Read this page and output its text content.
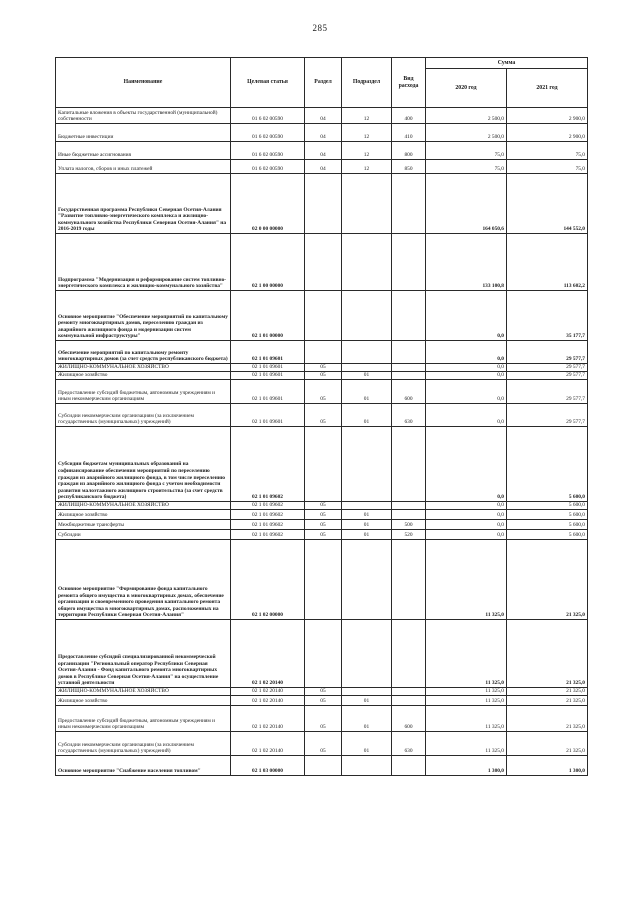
285
Наименование	Целевая статья	Раздел	Подраздел	Вид расхода	Сумма	
					2020 год	2021 год
Капитальные вложения в объекты государственной (муниципальной) собственности	01 6 02 00590	04	12	400	2 500,0	2 900,0
Бюджетные инвестиции	01 6 02 00590	04	12	410	2 500,0	2 900,0
Иные бюджетные ассигнования	01 6 02 00590	04	12	800	75,0	75,0
Уплата налогов, сборов и иных платежей	01 6 02 00590	04	12	850	75,0	75,0
Государственная программа Республики Северная Осетия-Алания "Развитие топливно-энергетического комплекса и жилищно-коммунального хозяйства Республики Северная Осетия-Алания" на 2016-2019 годы	02 0 00 00000				164 050,6	144 552,0
Подпрограмма "Модернизация и реформирование систем топливно-энергетического комплекса и жилищно-коммунального хозяйства"	02 1 00 00000				133 100,8	113 602,2
Основное мероприятие "Обеспечение мероприятий по капитальному ремонту многоквартирных домов, переселению граждан из аварийного жилищного фонда и модернизации систем коммунальной инфраструктуры"	02 1 01 00000				0,0	35 177,7
Обеспечение мероприятий по капитальному ремонту многоквартирных домов (за счет средств республиканского бюджета)	02 1 01 09601				0,0	29 577,7
ЖИЛИЩНО-КОММУНАЛЬНОЕ ХОЗЯЙСТВО	02 1 01 09601	05			0,0	29 577,7
Жилищное хозяйство	02 1 01 09601	05	01		0,0	29 577,7
Предоставление субсидий бюджетным, автономным учреждениям и иным некоммерческим организациям	02 1 01 09601	05	01	600	0,0	29 577,7
Субсидии некоммерческим организациям (за исключением государственных (муниципальных) учреждений)	02 1 01 09601	05	01	630	0,0	29 577,7
Субсидии бюджетам муниципальных образований на софинансирование обеспечения мероприятий по переселению граждан из аварийного жилищного фонда, в том числе переселению граждан из аварийного жилищного фонда с учетом необходимости развития малоэтажного жилищного строительства (за счет средств республиканского бюджета)	02 1 01 09602				0,0	5 600,0
ЖИЛИЩНО-КОММУНАЛЬНОЕ ХОЗЯЙСТВО	02 1 01 09602	05			0,0	5 600,0
Жилищное хозяйство	02 1 01 09602	05	01		0,0	5 600,0
Межбюджетные трансферты	02 1 01 09602	05	01	500	0,0	5 600,0
Субсидии	02 1 01 09602	05	01	520	0,0	5 600,0
Основное мероприятие "Формирование фонда капитального ремонта общего имущества в многоквартирных домах, обеспечение организации и своевременного проведения капитального ремонта общего имущества в многоквартирных домах, расположенных на территории Республики Северная Осетия-Алания"	02 1 02 00000				11 325,0	21 325,0
Предоставление субсидий специализированной некоммерческой организации "Региональный оператор Республики Северная Осетия-Алания - Фонд капитального ремонта многоквартирных домов в Республике Северная Осетия-Алания" на осуществление уставной деятельности	02 1 02 20140				11 325,0	21 325,0
ЖИЛИЩНО-КОММУНАЛЬНОЕ ХОЗЯЙСТВО	02 1 02 20140	05			11 325,0	21 325,0
Жилищное хозяйство	02 1 02 20140	05	01		11 325,0	21 325,0
Предоставление субсидий бюджетным, автономным учреждениям и иным некоммерческим организациям	02 1 02 20140	05	01	600	11 325,0	21 325,0
Субсидии некоммерческим организациям (за исключением государственных (муниципальных) учреждений)	02 1 02 20140	05	01	630	11 325,0	21 325,0
Основное мероприятие "Снабжение населения топливом"	02 1 03 00000				1 300,0	1 300,0
